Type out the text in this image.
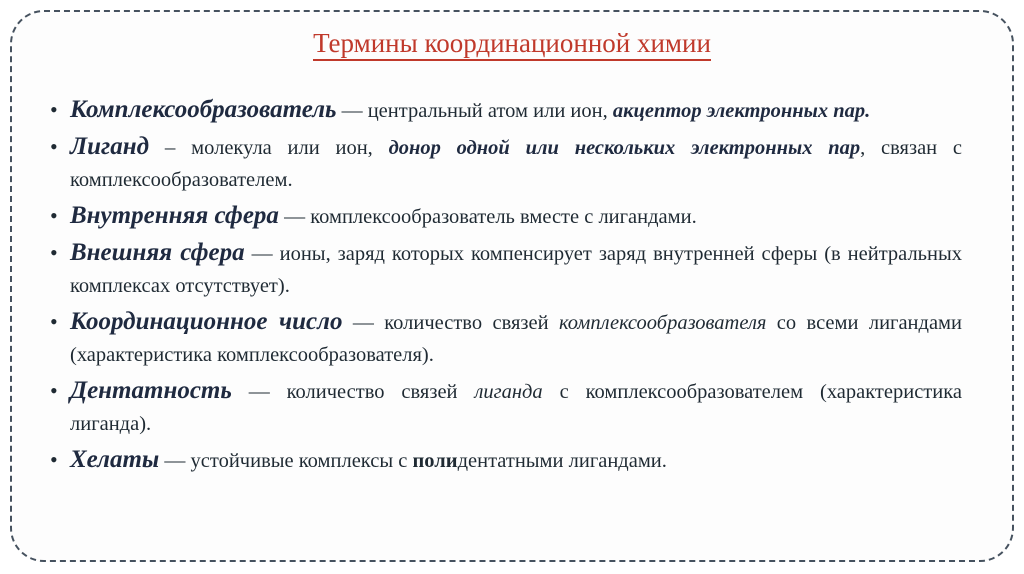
Термины координационной химии
• Комплексообразователь — центральный атом или ион, акцептор электронных пар.
• Лиганд – молекула или ион, донор одной или нескольких электронных пар, связан с комплексообразователем.
• Внутренняя сфера — комплексообразователь вместе с лигандами.
• Внешняя сфера — ионы, заряд которых компенсирует заряд внутренней сферы (в нейтральных комплексах отсутствует).
• Координационное число — количество связей комплексообразователя со всеми лигандами (характеристика комплексообразователя).
• Дентатность — количество связей лиганда с комплексообразователем (характеристика лиганда).
• Хелаты — устойчивые комплексы с полидентатными лигандами.
